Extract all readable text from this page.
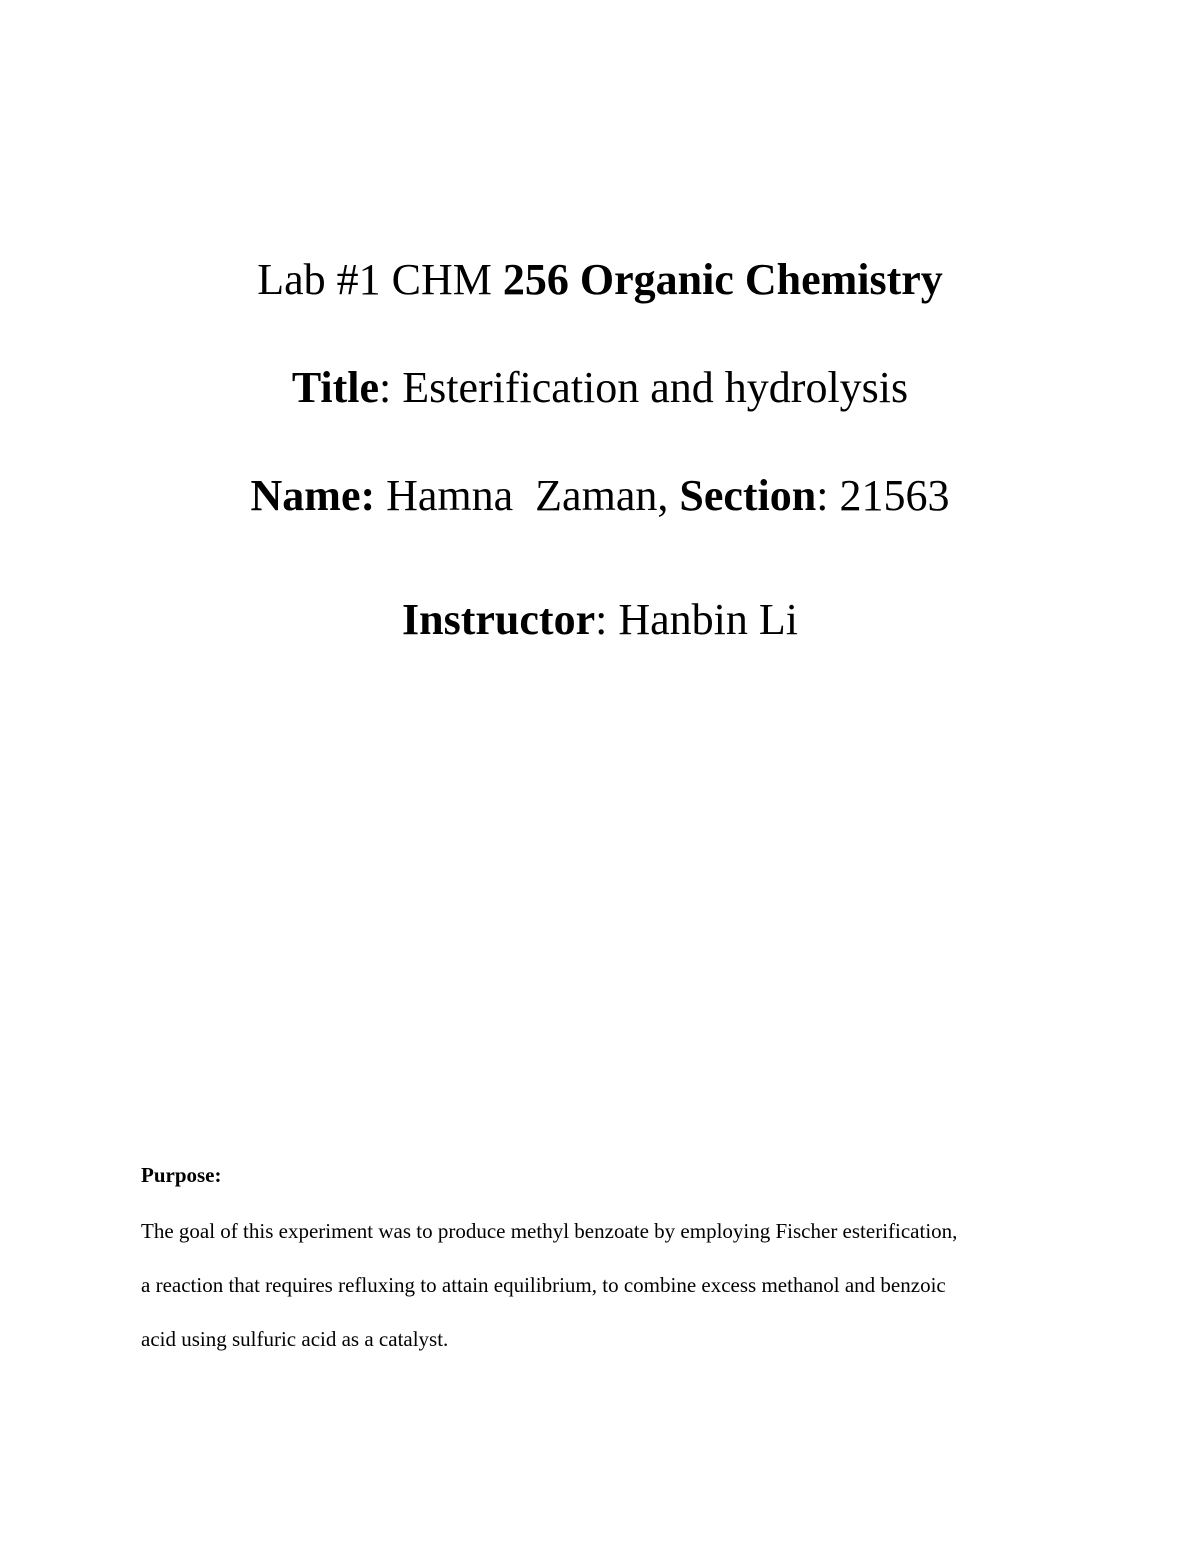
Lab #1 CHM 256 Organic Chemistry
Title: Esterification and hydrolysis
Name: Hamna  Zaman, Section: 21563
Instructor: Hanbin Li
Purpose:
The goal of this experiment was to produce methyl benzoate by employing Fischer esterification,
a reaction that requires refluxing to attain equilibrium, to combine excess methanol and benzoic
acid using sulfuric acid as a catalyst.
